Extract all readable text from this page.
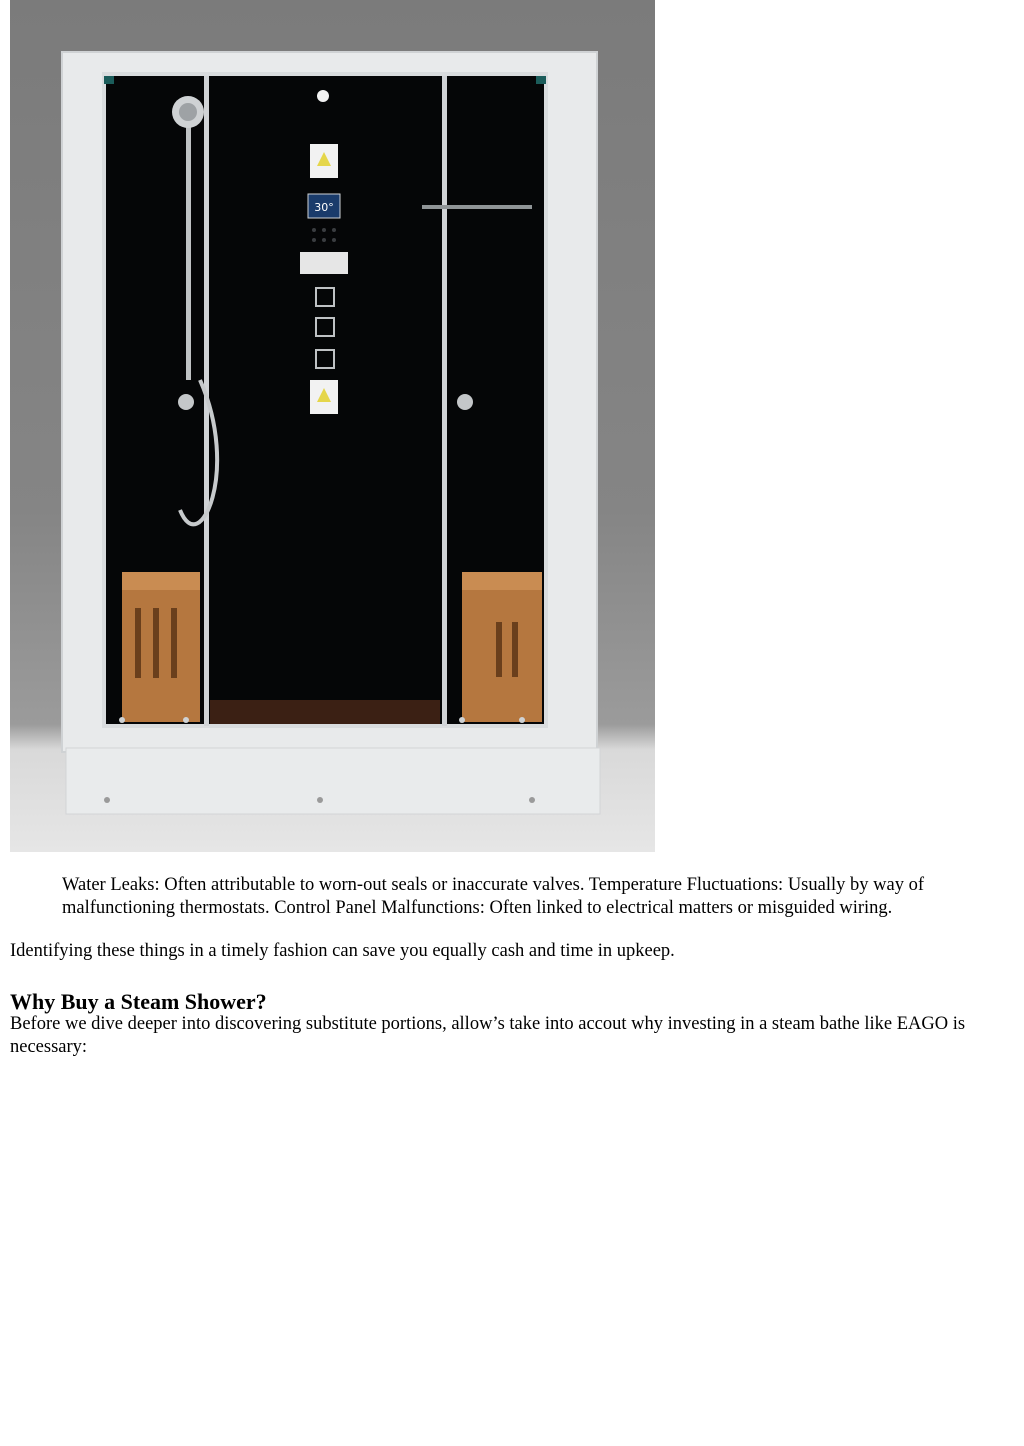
30°

Water Leaks: Often attributable to worn-out seals or inaccurate valves. Temperature Fluctuations: Usually by way of malfunctioning thermostats. Control Panel Malfunctions: Often linked to electrical matters or misguided wiring.

Identifying these things in a timely fashion can save you equally cash and time in upkeep.

Why Buy a Steam Shower?

Before we dive deeper into discovering substitute portions, allow’s take into accout why investing in a steam bathe like EAGO is necessary:
